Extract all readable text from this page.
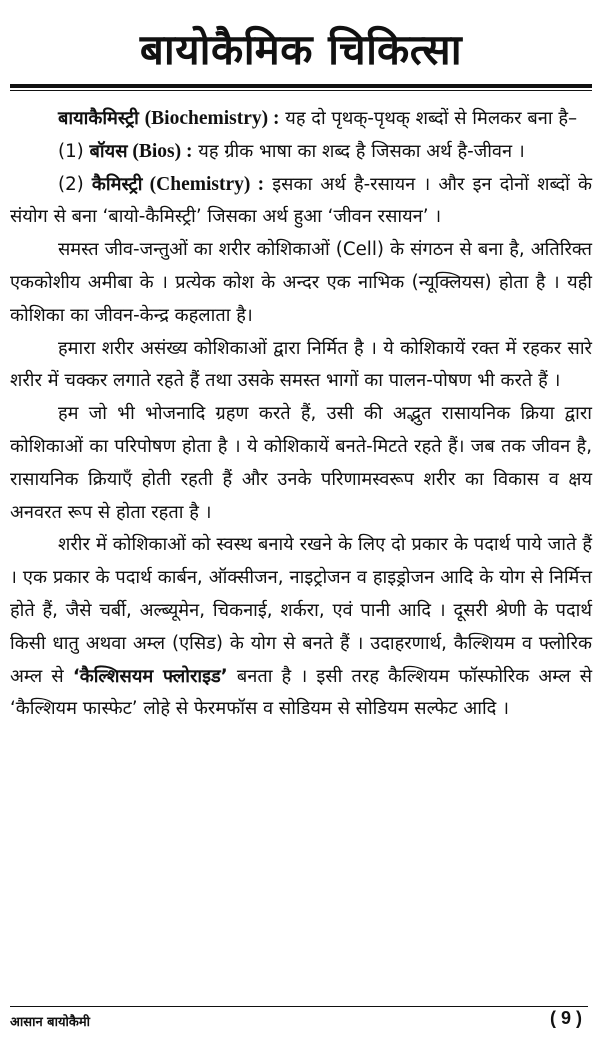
बायोकैमिक चिकित्सा

बायाकैमिस्ट्री (Biochemistry) : यह दो पृथक्-पृथक् शब्दों से मिलकर बना है–

(1) बॉयस (Bios) : यह ग्रीक भाषा का शब्द है जिसका अर्थ है-जीवन ।

(2) कैमिस्ट्री (Chemistry) : इसका अर्थ है-रसायन । और इन दोनों शब्दों के संयोग से बना ‘बायो-कैमिस्ट्री’ जिसका अर्थ हुआ ‘जीवन रसायन’ ।

समस्त जीव-जन्तुओं का शरीर कोशिकाओं (Cell) के संगठन से बना है, अतिरिक्त एककोशीय अमीबा के । प्रत्येक कोश के अन्दर एक नाभिक (न्यूक्लियस) होता है । यही कोशिका का जीवन-केन्द्र कहलाता है।

हमारा शरीर असंख्य कोशिकाओं द्वारा निर्मित है । ये कोशिकायें रक्त में रहकर सारे शरीर में चक्कर लगाते रहते हैं तथा उसके समस्त भागों का पालन-पोषण भी करते हैं ।

हम जो भी भोजनादि ग्रहण करते हैं, उसी की अद्भुत रासायनिक क्रिया द्वारा कोशिकाओं का परिपोषण होता है । ये कोशिकायें बनते-मिटते रहते हैं। जब तक जीवन है, रासायनिक क्रियाएँ होती रहती हैं और उनके परिणामस्वरूप शरीर का विकास व क्षय अनवरत रूप से होता रहता है ।

शरीर में कोशिकाओं को स्वस्थ बनाये रखने के लिए दो प्रकार के पदार्थ पाये जाते हैं । एक प्रकार के पदार्थ कार्बन, ऑक्सीजन, नाइट्रोजन व हाइड्रोजन आदि के योग से निर्मित्त होते हैं, जैसे चर्बी, अल्ब्यूमेन, चिकनाई, शर्करा, एवं पानी आदि । दूसरी श्रेणी के पदार्थ किसी धातु अथवा अम्ल (एसिड) के योग से बनते हैं । उदाहरणार्थ, कैल्शियम व फ्लोरिक अम्ल से ‘कैल्शिसयम फ्लोराइड’ बनता है । इसी तरह कैल्शियम फॉस्फोरिक अम्ल से ‘कैल्शियम फास्फेट’ लोहे से फेरमफॉस व सोडियम से सोडियम सल्फेट आदि ।

आसान बायोकैमी	( 9 )
